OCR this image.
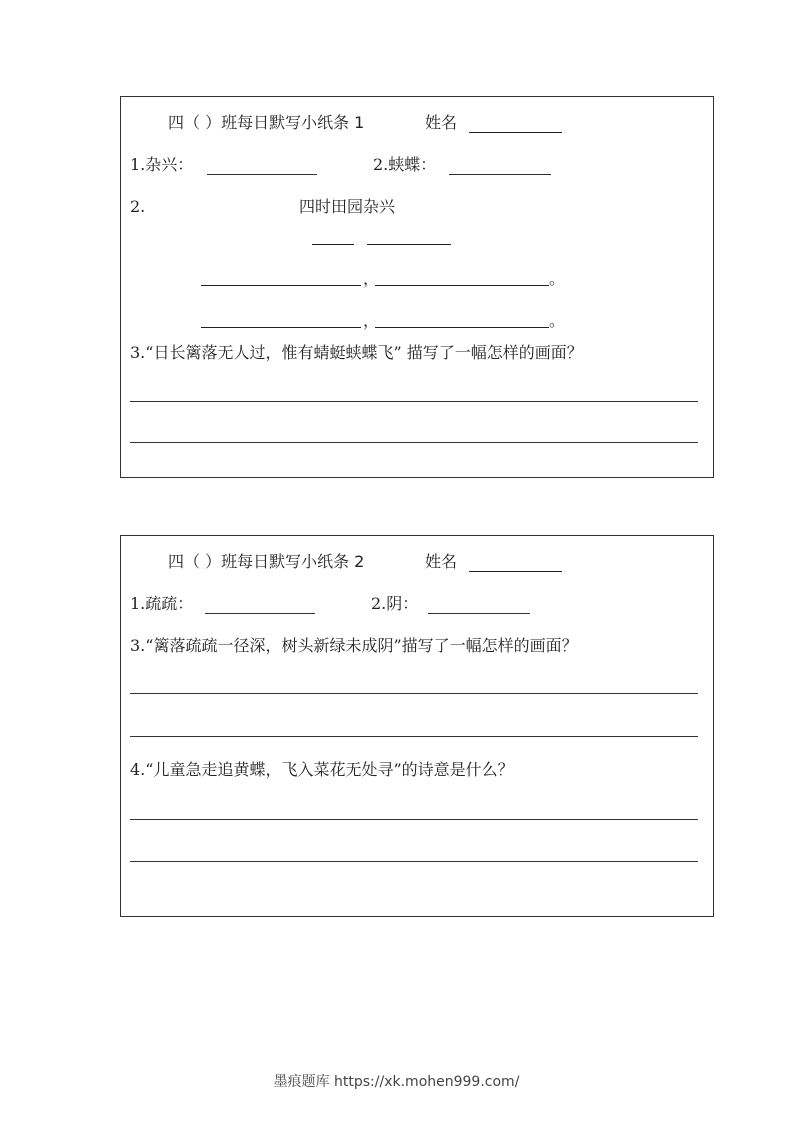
四（ ）班每日默写小纸条 1	姓名
1.杂兴：	2.蛱蝶：
2.	四时田园杂兴
，	。
，	。
3.“日长篱落无人过，惟有蜻蜓蛱蝶飞” 描写了一幅怎样的画面？
四（ ）班每日默写小纸条 2	姓名
1.疏疏：	2.阴：
3.“篱落疏疏一径深，树头新绿未成阴”描写了一幅怎样的画面？
4.“儿童急走追黄蝶，飞入菜花无处寻”的诗意是什么？
墨痕题库 https://xk.mohen999.com/
